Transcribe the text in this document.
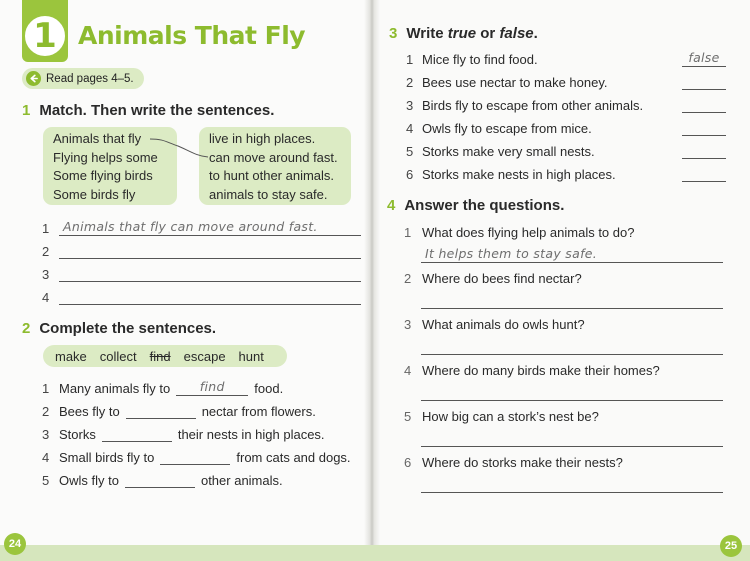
1 Animals That Fly
Read pages 4–5.
1 Match. Then write the sentences.
Animals that fly
Flying helps some
Some flying birds
Some birds fly
live in high places.
can move around fast.
to hunt other animals.
animals to stay safe.
1	Animals that fly can move around fast.
2
3
4
2 Complete the sentences.
make collect find escape hunt
1 Many animals fly to	find	food.
2 Bees fly to	nectar from flowers.
3 Storks	their nests in high places.
4 Small birds fly to	from cats and dogs.
5 Owls fly to	other animals.
3 Write true or false.
1 Mice fly to find food.	false
2 Bees use nectar to make honey.
3 Birds fly to escape from other animals.
4 Owls fly to escape from mice.
5 Storks make very small nests.
6 Storks make nests in high places.
4 Answer the questions.
1 What does flying help animals to do?
It helps them to stay safe.
2 Where do bees find nectar?
3 What animals do owls hunt?
4 Where do many birds make their homes?
5 How big can a stork’s nest be?
6 Where do storks make their nests?
24	25
